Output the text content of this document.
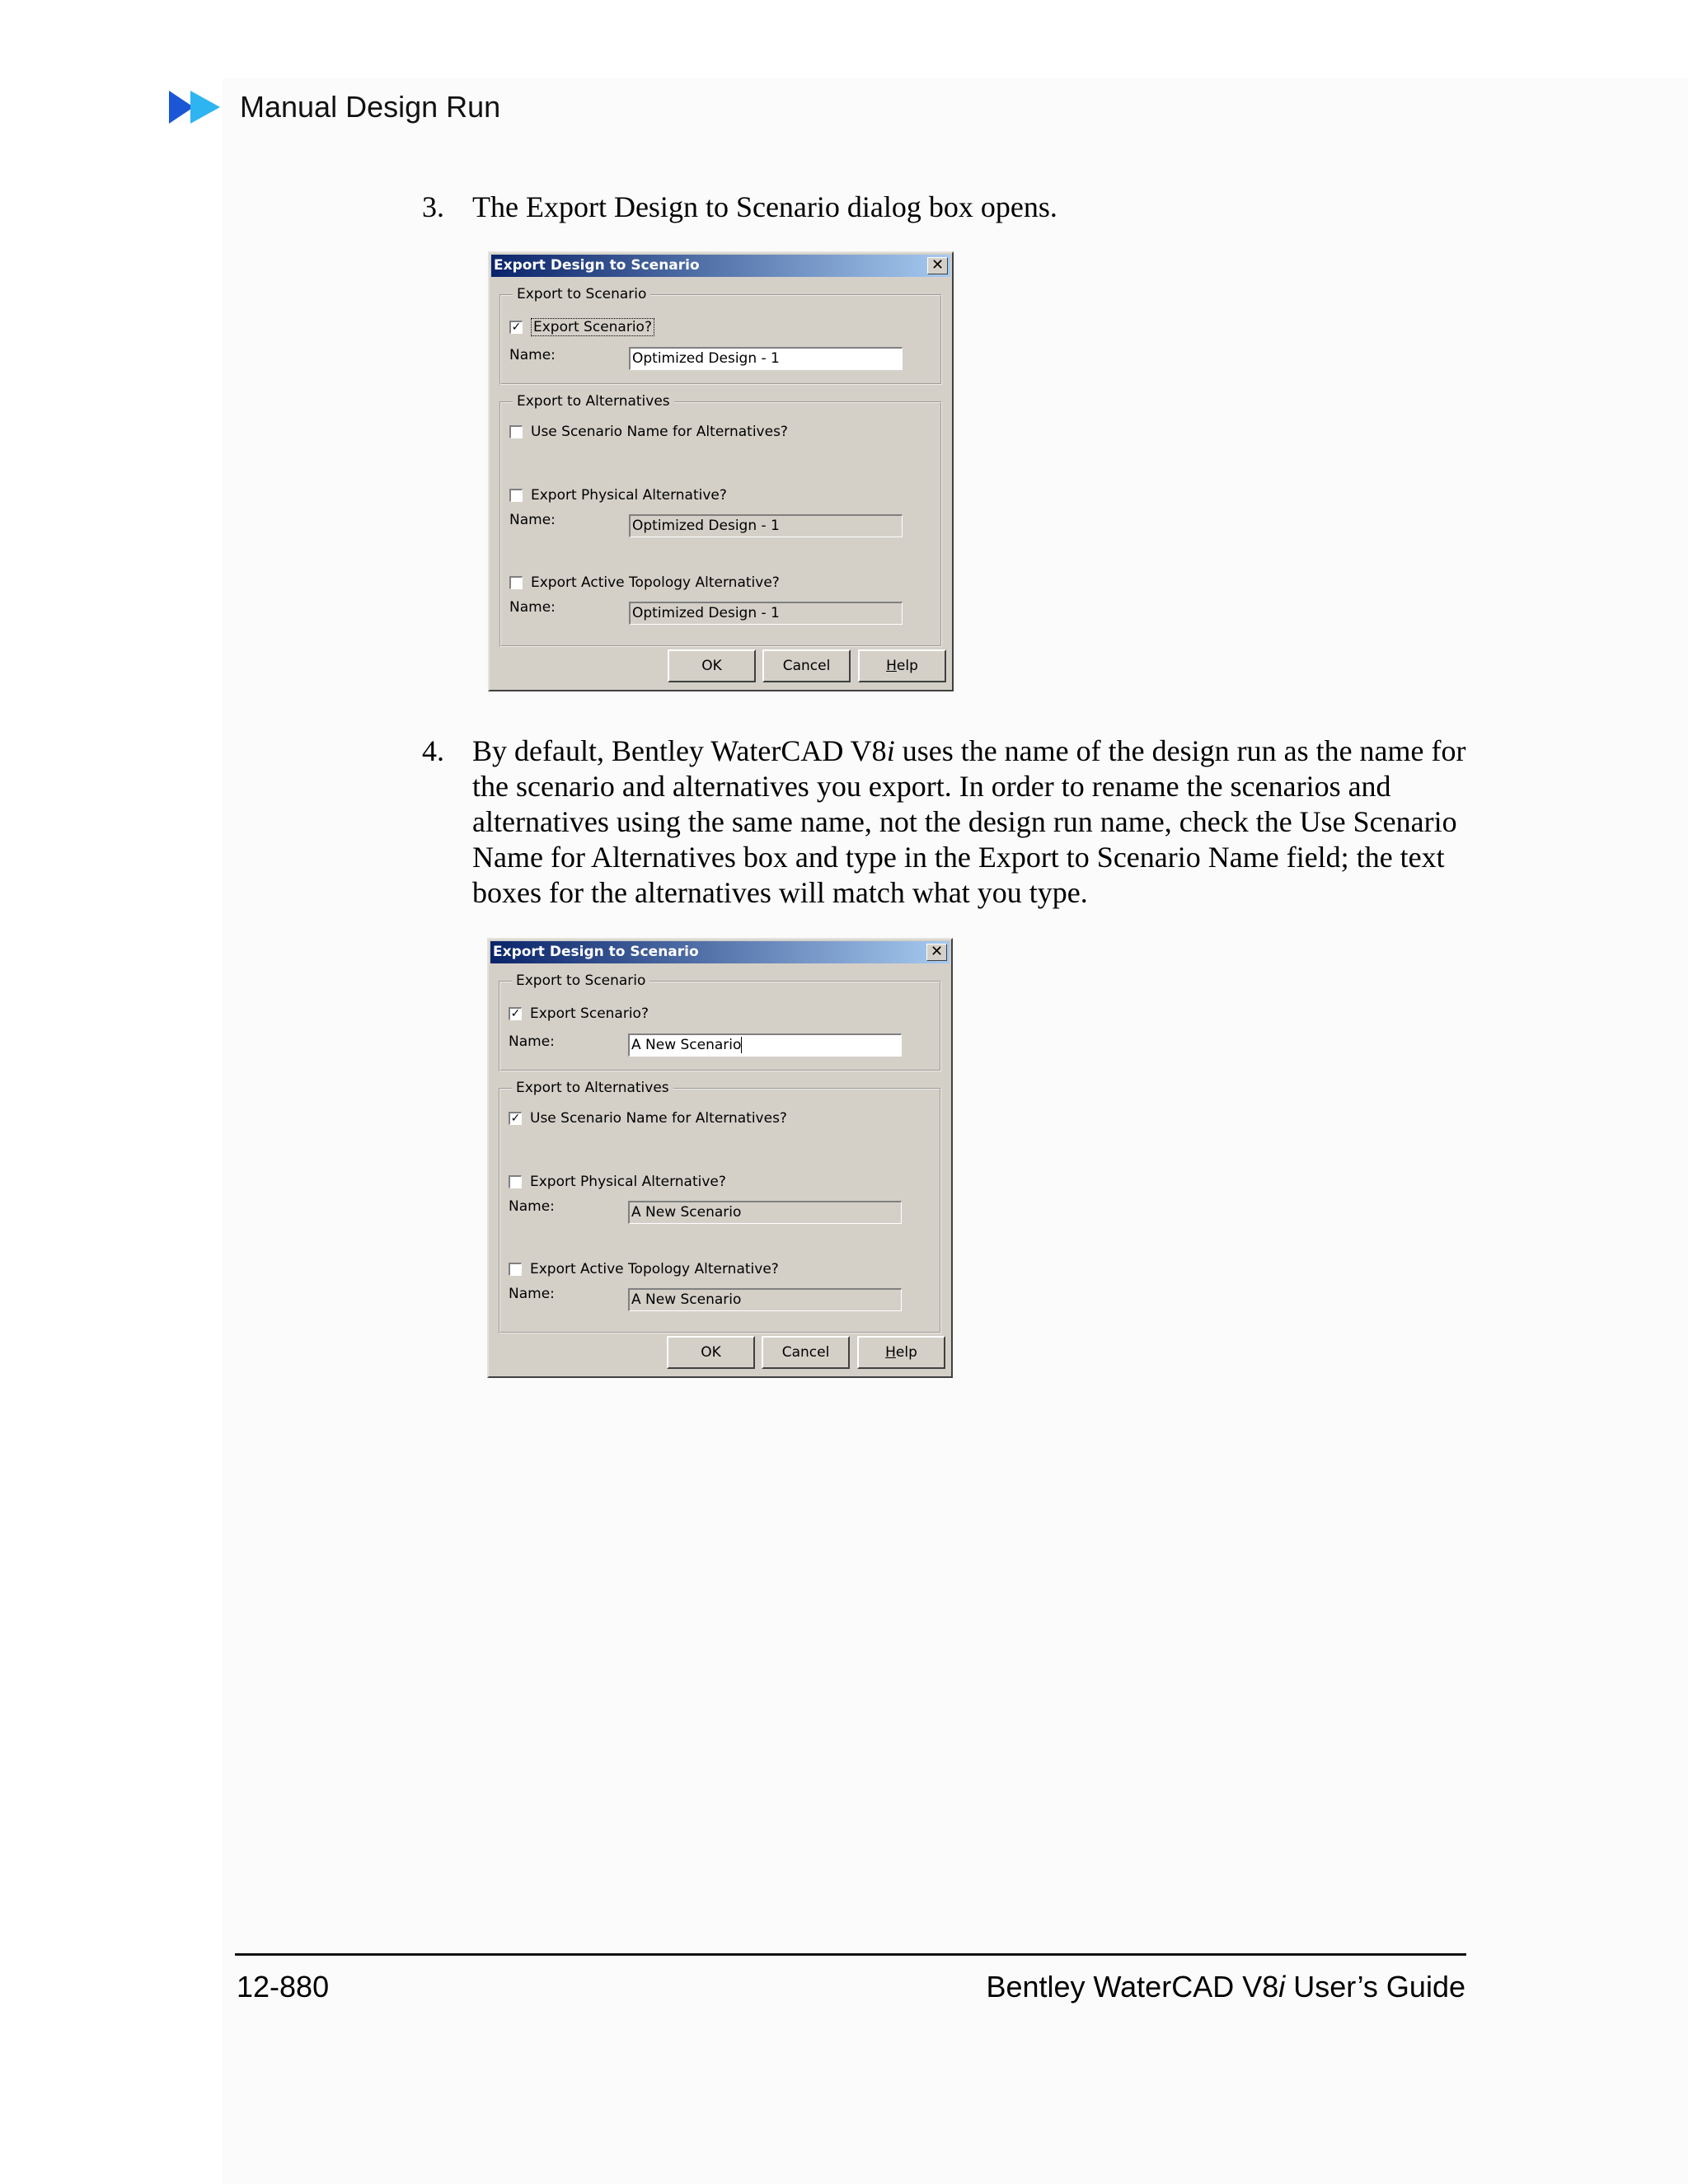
Manual Design Run
3. The Export Design to Scenario dialog box opens.
Export Design to Scenario	✕
Export to Scenario
✓ Export Scenario?
Name:	Optimized Design - 1
Export to Alternatives
Use Scenario Name for Alternatives?
Export Physical Alternative?
Name:	Optimized Design - 1
Export Active Topology Alternative?
Name:	Optimized Design - 1
OK	Cancel	Help
4. By default, Bentley WaterCAD V8i uses the name of the design run as the name for the scenario and alternatives you export. In order to rename the scenarios and alternatives using the same name, not the design run name, check the Use Scenario Name for Alternatives box and type in the Export to Scenario Name field; the text boxes for the alternatives will match what you type.
Export Design to Scenario	✕
Export to Scenario
✓ Export Scenario?
Name:	A New Scenario
Export to Alternatives
✓ Use Scenario Name for Alternatives?
Export Physical Alternative?
Name:	A New Scenario
Export Active Topology Alternative?
Name:	A New Scenario
OK	Cancel	Help
12-880	Bentley WaterCAD V8i User’s Guide
